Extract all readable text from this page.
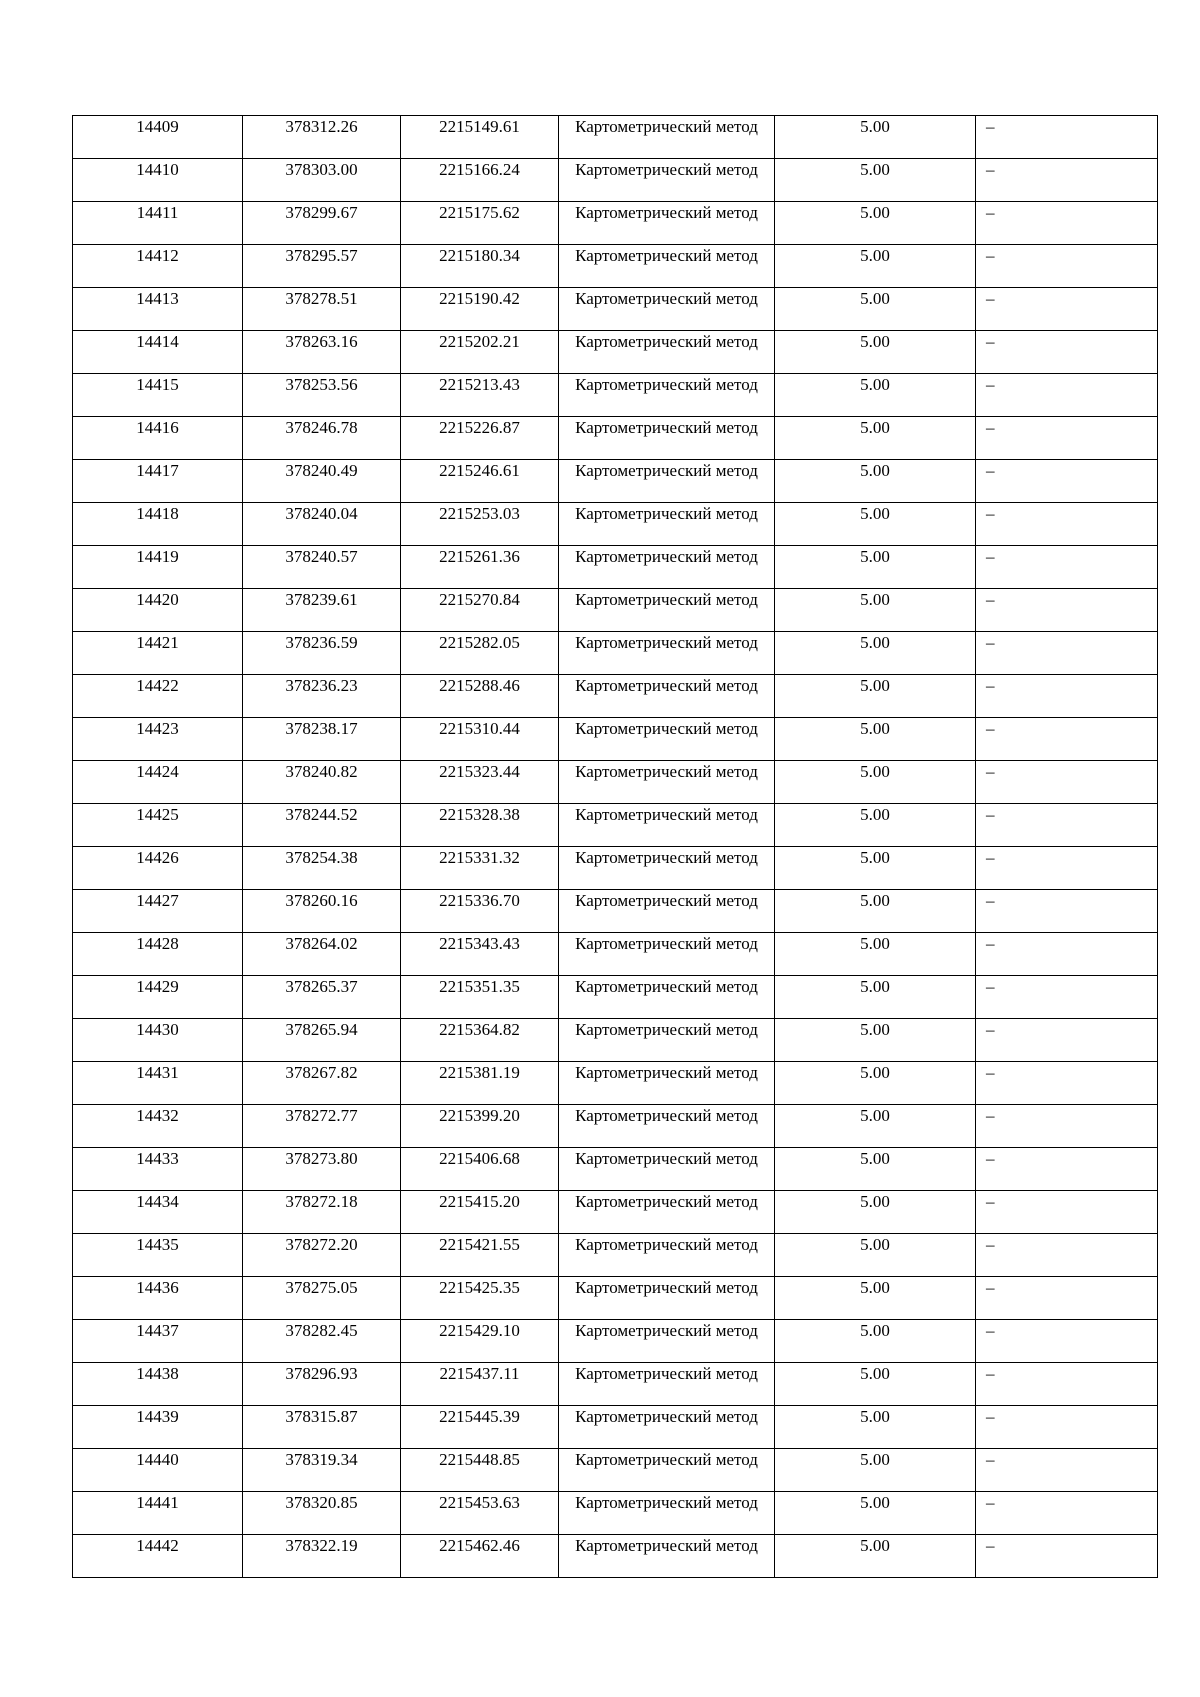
14409	378312.26	2215149.61	Картометрический метод	5.00	–
14410	378303.00	2215166.24	Картометрический метод	5.00	–
14411	378299.67	2215175.62	Картометрический метод	5.00	–
14412	378295.57	2215180.34	Картометрический метод	5.00	–
14413	378278.51	2215190.42	Картометрический метод	5.00	–
14414	378263.16	2215202.21	Картометрический метод	5.00	–
14415	378253.56	2215213.43	Картометрический метод	5.00	–
14416	378246.78	2215226.87	Картометрический метод	5.00	–
14417	378240.49	2215246.61	Картометрический метод	5.00	–
14418	378240.04	2215253.03	Картометрический метод	5.00	–
14419	378240.57	2215261.36	Картометрический метод	5.00	–
14420	378239.61	2215270.84	Картометрический метод	5.00	–
14421	378236.59	2215282.05	Картометрический метод	5.00	–
14422	378236.23	2215288.46	Картометрический метод	5.00	–
14423	378238.17	2215310.44	Картометрический метод	5.00	–
14424	378240.82	2215323.44	Картометрический метод	5.00	–
14425	378244.52	2215328.38	Картометрический метод	5.00	–
14426	378254.38	2215331.32	Картометрический метод	5.00	–
14427	378260.16	2215336.70	Картометрический метод	5.00	–
14428	378264.02	2215343.43	Картометрический метод	5.00	–
14429	378265.37	2215351.35	Картометрический метод	5.00	–
14430	378265.94	2215364.82	Картометрический метод	5.00	–
14431	378267.82	2215381.19	Картометрический метод	5.00	–
14432	378272.77	2215399.20	Картометрический метод	5.00	–
14433	378273.80	2215406.68	Картометрический метод	5.00	–
14434	378272.18	2215415.20	Картометрический метод	5.00	–
14435	378272.20	2215421.55	Картометрический метод	5.00	–
14436	378275.05	2215425.35	Картометрический метод	5.00	–
14437	378282.45	2215429.10	Картометрический метод	5.00	–
14438	378296.93	2215437.11	Картометрический метод	5.00	–
14439	378315.87	2215445.39	Картометрический метод	5.00	–
14440	378319.34	2215448.85	Картометрический метод	5.00	–
14441	378320.85	2215453.63	Картометрический метод	5.00	–
14442	378322.19	2215462.46	Картометрический метод	5.00	–
